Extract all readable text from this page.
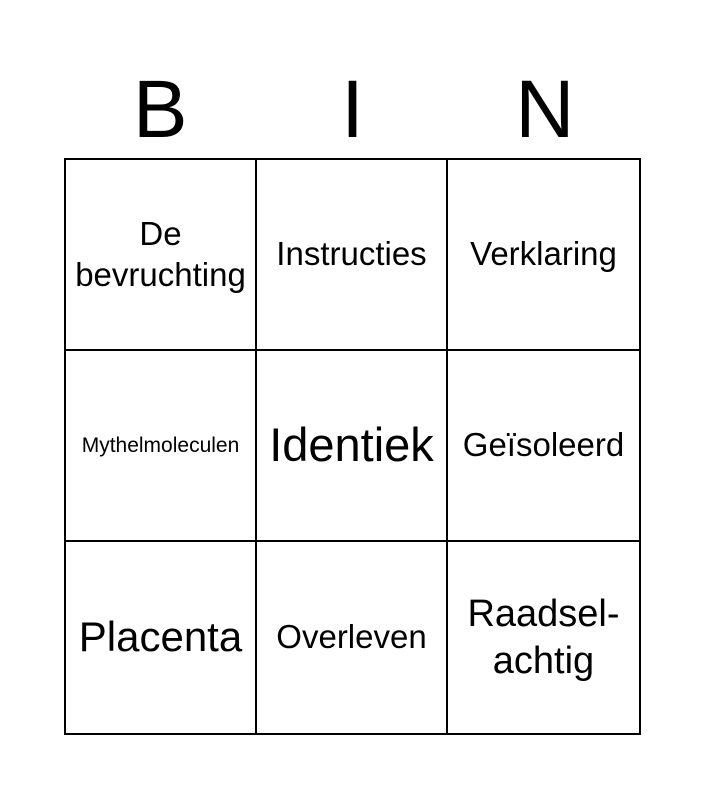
B	I	N
De
bevruchting
Instructies Verklaring
Mythelmoleculen Identiek Geïsoleerd
Placenta Overleven
Raadsel-
achtig
